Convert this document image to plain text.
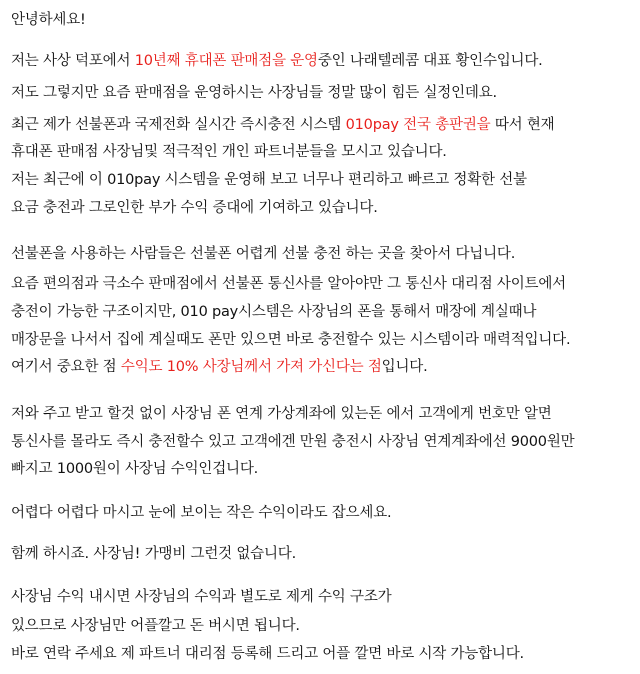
안녕하세요!
저는 사상 덕포에서 10년째 휴대폰 판매점을 운영중인 나래텔레콤 대표 황인수입니다.
저도 그렇지만 요즘 판매점을 운영하시는 사장님들 정말 많이 힘든 실정인데요.
최근 제가 선불폰과 국제전화 실시간 즉시충전 시스템 010pay 전국 총판권을 따서 현재
휴대폰 판매점 사장님및 적극적인 개인 파트너분들을 모시고 있습니다.
저는 최근에 이 010pay 시스템을 운영해 보고 너무나 편리하고 빠르고 정확한 선불
요금 충전과 그로인한 부가 수익 증대에 기여하고 있습니다.
선불폰을 사용하는 사람들은 선불폰 어렵게 선불 충전 하는 곳을 찾아서 다닙니다.
요즘 편의점과 극소수 판매점에서 선불폰 통신사를 알아야만 그 통신사 대리점 사이트에서
충전이 가능한 구조이지만, 010 pay시스템은 사장님의 폰을 통해서 매장에 계실때나
매장문을 나서서 집에 계실때도 폰만 있으면 바로 충전할수 있는 시스템이라 매력적입니다.
여기서 중요한 점 수익도 10% 사장님께서 가져 가신다는 점입니다.
저와 주고 받고 할것 없이 사장님 폰 연계 가상계좌에 있는돈 에서 고객에게 번호만 알면
통신사를 몰라도 즉시 충전할수 있고 고객에겐 만원 충전시 사장님 연계계좌에선 9000원만
빠지고 1000원이 사장님 수익인겁니다.
어렵다 어렵다 마시고 눈에 보이는 작은 수익이라도 잡으세요.
함께 하시죠. 사장님! 가맹비 그런것 없습니다.
사장님 수익 내시면 사장님의 수익과 별도로 제게 수익 구조가
있으므로 사장님만 어플깔고 돈 버시면 됩니다.
바로 연락 주세요 제 파트너 대리점 등록해 드리고 어플 깔면 바로 시작 가능합니다.
